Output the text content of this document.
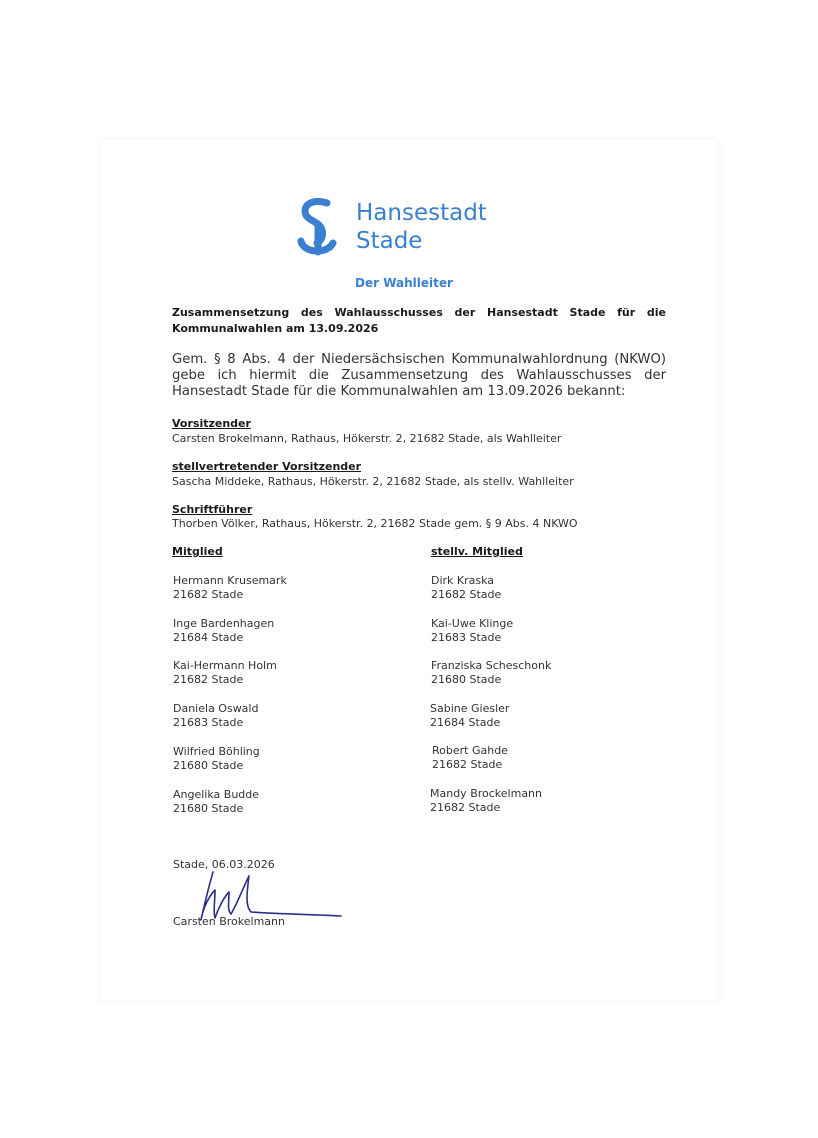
Hansestadt
Stade
Der Wahlleiter
Zusammensetzung des Wahlausschusses der Hansestadt Stade für die Kommunalwahlen am 13.09.2026
Gem. § 8 Abs. 4 der Niedersächsischen Kommunalwahlordnung (NKWO) gebe ich hiermit die Zusammensetzung des Wahlausschusses der Hansestadt Stade für die Kommunalwahlen am 13.09.2026 bekannt:
Vorsitzender
Carsten Brokelmann, Rathaus, Hökerstr. 2, 21682 Stade, als Wahlleiter
stellvertretender Vorsitzender
Sascha Middeke, Rathaus, Hökerstr. 2, 21682 Stade, als stellv. Wahlleiter
Schriftführer
Thorben Völker, Rathaus, Hökerstr. 2, 21682 Stade gem. § 9 Abs. 4 NKWO
Mitglied	stellv. Mitglied
Hermann Krusemark
21682 Stade
Inge Bardenhagen
21684 Stade
Kai-Hermann Holm
21682 Stade
Daniela Oswald
21683 Stade
Wilfried Böhling
21680 Stade
Angelika Budde
21680 Stade
Dirk Kraska
21682 Stade
Kai-Uwe Klinge
21683 Stade
Franziska Scheschonk
21680 Stade
Sabine Giesler
21684 Stade
Robert Gahde
21682 Stade
Mandy Brockelmann
21682 Stade
Stade, 06.03.2026
Carsten Brokelmann
